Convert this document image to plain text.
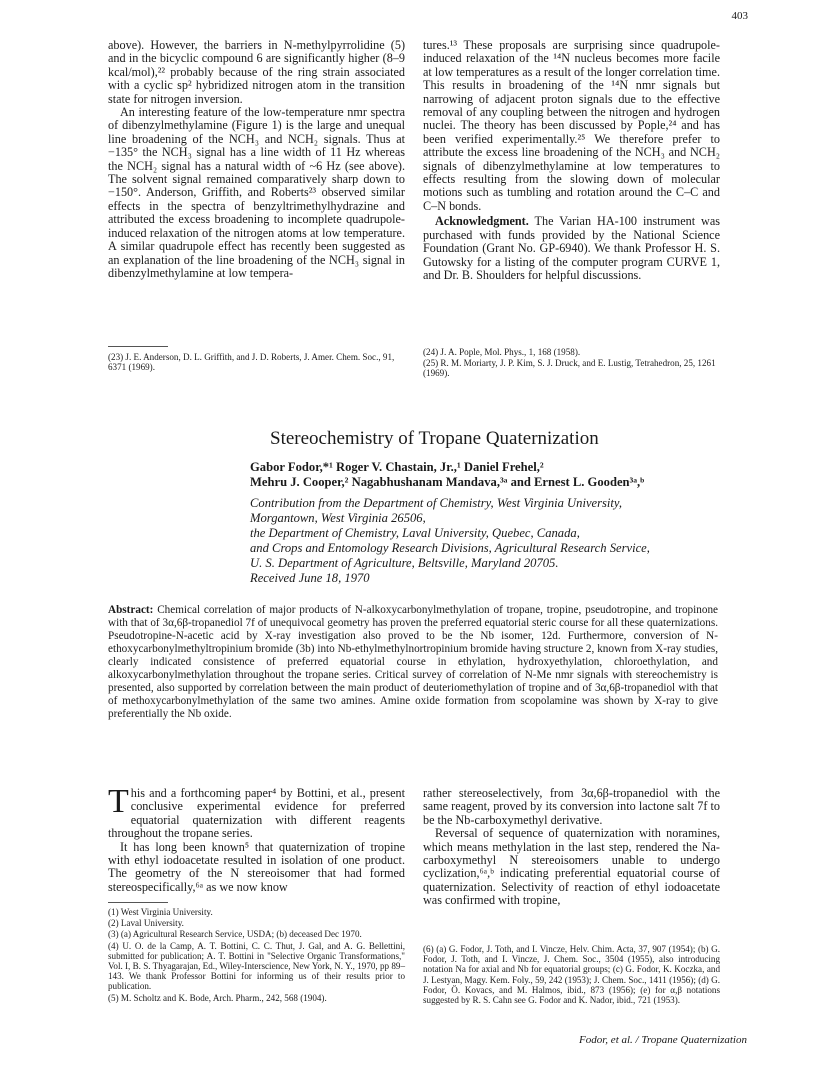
403

above). However, the barriers in N-methylpyrrolidine (5) and in the bicyclic compound 6 are significantly higher (8–9 kcal/mol),²² probably because of the ring strain associated with a cyclic sp² hybridized nitrogen atom in the transition state for nitrogen inversion.

An interesting feature of the low-temperature nmr spectra of dibenzylmethylamine (Figure 1) is the large and unequal line broadening of the NCH₃ and NCH₂ signals. Thus at −135° the NCH₃ signal has a line width of 11 Hz whereas the NCH₂ signal has a natural width of ~6 Hz (see above). The solvent signal remained comparatively sharp down to −150°. Anderson, Griffith, and Roberts²³ observed similar effects in the spectra of benzyltrimethylhydrazine and attributed the excess broadening to incomplete quadrupole-induced relaxation of the nitrogen atoms at low temperature. A similar quadrupole effect has recently been suggested as an explanation of the line broadening of the NCH₃ signal in dibenzylmethylamine at low tempera-

(23) J. E. Anderson, D. L. Griffith, and J. D. Roberts, J. Amer. Chem. Soc., 91, 6371 (1969).

tures.¹³ These proposals are surprising since quadrupole-induced relaxation of the ¹⁴N nucleus becomes more facile at low temperatures as a result of the longer correlation time. This results in broadening of the ¹⁴N nmr signals but narrowing of adjacent proton signals due to the effective removal of any coupling between the nitrogen and hydrogen nuclei. The theory has been discussed by Pople,²⁴ and has been verified experimentally.²⁵ We therefore prefer to attribute the excess line broadening of the NCH₃ and NCH₂ signals of dibenzylmethylamine at low temperatures to effects resulting from the slowing down of molecular motions such as tumbling and rotation around the C–C and C–N bonds.

Acknowledgment. The Varian HA-100 instrument was purchased with funds provided by the National Science Foundation (Grant No. GP-6940). We thank Professor H. S. Gutowsky for a listing of the computer program CURVE 1, and Dr. B. Shoulders for helpful discussions.

(24) J. A. Pople, Mol. Phys., 1, 168 (1958).

(25) R. M. Moriarty, J. P. Kim, S. J. Druck, and E. Lustig, Tetrahedron, 25, 1261 (1969).

Stereochemistry of Tropane Quaternization
Gabor Fodor,*¹ Roger V. Chastain, Jr.,¹ Daniel Frehel,²
Mehru J. Cooper,² Nagabhushanam Mandava,³ᵃ and Ernest L. Gooden³ᵃ,ᵇ
Contribution from the Department of Chemistry, West Virginia University,
Morgantown, West Virginia 26506,
the Department of Chemistry, Laval University, Quebec, Canada,
and Crops and Entomology Research Divisions, Agricultural Research Service,
U. S. Department of Agriculture, Beltsville, Maryland 20705.
Received June 18, 1970
Abstract: Chemical correlation of major products of N-alkoxycarbonylmethylation of tropane, tropine, pseudotropine, and tropinone with that of 3α,6β-tropanediol 7f of unequivocal geometry has proven the preferred equatorial steric course for all these quaternizations. Pseudotropine-N-acetic acid by X-ray investigation also proved to be the Nb isomer, 12d. Furthermore, conversion of N-ethoxycarbonylmethyltropinium bromide (3b) into Nb-ethylmethylnortropinium bromide having structure 2, known from X-ray studies, clearly indicated consistence of preferred equatorial course in ethylation, hydroxyethylation, chloroethylation, and alkoxycarbonylmethylation throughout the tropane series. Critical survey of correlation of N-Me nmr signals with stereochemistry is presented, also supported by correlation between the main product of deuteriomethylation of tropine and of 3α,6β-tropanediol with that of methoxycarbonylmethylation of the same two amines. Amine oxide formation from scopolamine was shown by X-ray to give preferentially the Nb oxide.

This and a forthcoming paper⁴ by Bottini, et al., present conclusive experimental evidence for preferred equatorial quaternization with different reagents throughout the tropane series.

It has long been known⁵ that quaternization of tropine with ethyl iodoacetate resulted in isolation of one product. The geometry of the N stereoisomer that had formed stereospecifically,⁶ᵃ as we now know

(1) West Virginia University.

(2) Laval University.

(3) (a) Agricultural Research Service, USDA; (b) deceased Dec 1970.

(4) U. O. de la Camp, A. T. Bottini, C. C. Thut, J. Gal, and A. G. Bellettini, submitted for publication; A. T. Bottini in "Selective Organic Transformations," Vol. I, B. S. Thyagarajan, Ed., Wiley-Interscience, New York, N. Y., 1970, pp 89–143. We thank Professor Bottini for informing us of their results prior to publication.

(5) M. Scholtz and K. Bode, Arch. Pharm., 242, 568 (1904).

rather stereoselectively, from 3α,6β-tropanediol with the same reagent, proved by its conversion into lactone salt 7f to be the Nb-carboxymethyl derivative.

Reversal of sequence of quaternization with noramines, which means methylation in the last step, rendered the Na-carboxymethyl N stereoisomers unable to undergo cyclization,⁶ᵃ,ᵇ indicating preferential equatorial course of quaternization. Selectivity of reaction of ethyl iodoacetate was confirmed with tropine,

(6) (a) G. Fodor, J. Toth, and I. Vincze, Helv. Chim. Acta, 37, 907 (1954); (b) G. Fodor, J. Toth, and I. Vincze, J. Chem. Soc., 3504 (1955), also introducing notation Na for axial and Nb for equatorial groups; (c) G. Fodor, K. Koczka, and J. Lestyan, Magy. Kem. Foly., 59, 242 (1953); J. Chem. Soc., 1411 (1956); (d) G. Fodor, Ö. Kovacs, and M. Halmos, ibid., 873 (1956); (e) for α,β notations suggested by R. S. Cahn see G. Fodor and K. Nador, ibid., 721 (1953).

Fodor, et al. / Tropane Quaternization
